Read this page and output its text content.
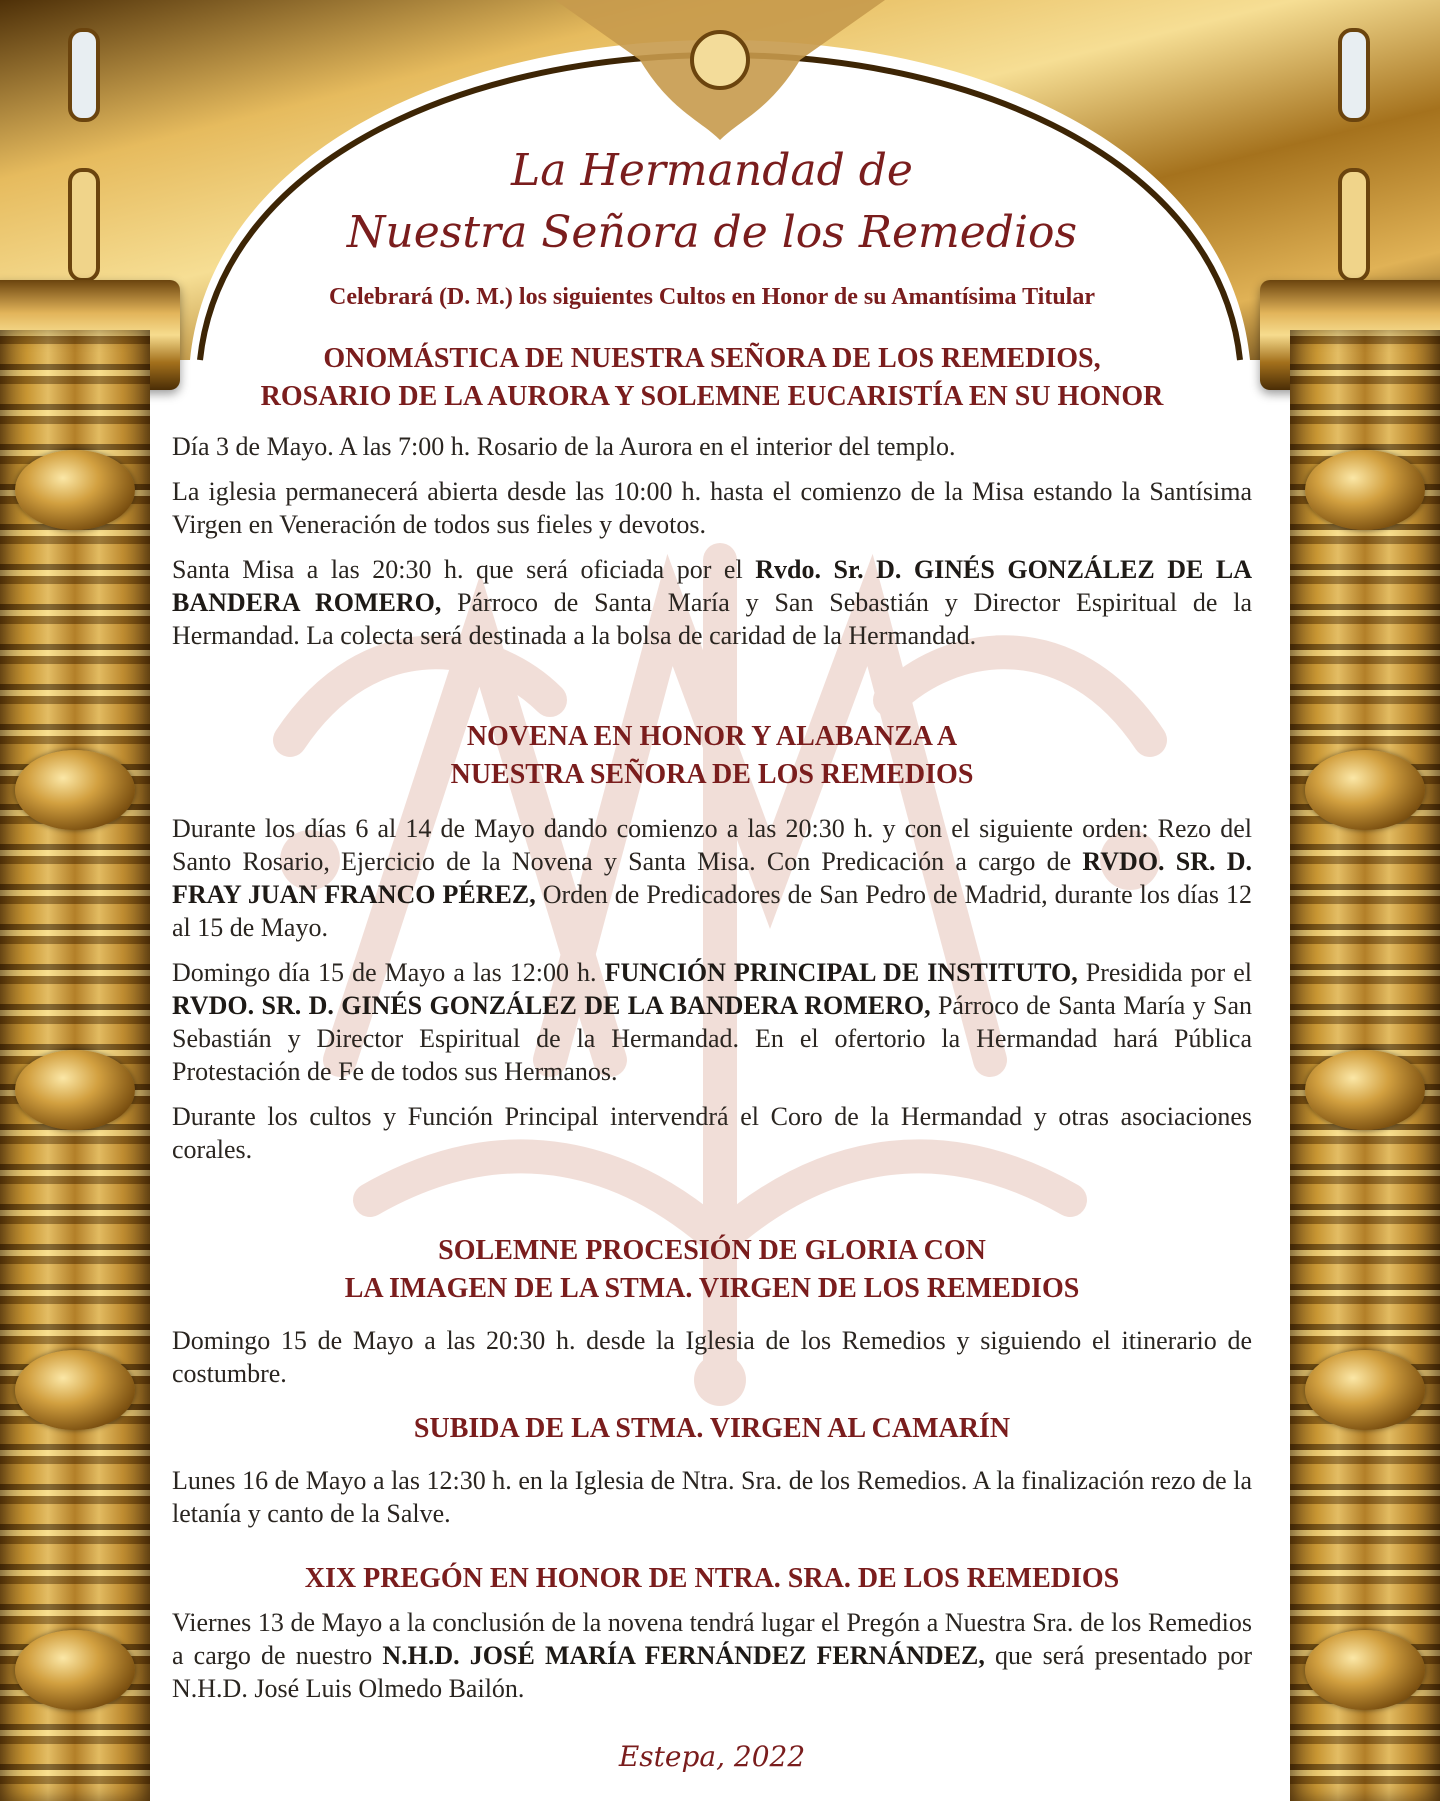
La Hermandad de
Nuestra Señora de los Remedios
Celebrará (D. M.) los siguientes Cultos en Honor de su Amantísima Titular

ONOMÁSTICA DE NUESTRA SEÑORA DE LOS REMEDIOS,
ROSARIO DE LA AURORA Y SOLEMNE EUCARISTÍA EN SU HONOR

Día 3 de Mayo. A las 7:00 h. Rosario de la Aurora en el interior del templo.

La iglesia permanecerá abierta desde las 10:00 h. hasta el comienzo de la Misa estando la Santísima Virgen en Veneración de todos sus fieles y devotos.

Santa Misa a las 20:30 h. que será oficiada por el Rvdo. Sr. D. GINÉS GONZÁLEZ DE LA BANDERA ROMERO, Párroco de Santa María y San Sebastián y Director Espiritual de la Hermandad. La colecta será destinada a la bolsa de caridad de la Hermandad.

NOVENA EN HONOR Y ALABANZA A
NUESTRA SEÑORA DE LOS REMEDIOS

Durante los días 6 al 14 de Mayo dando comienzo a las 20:30 h. y con el siguiente orden: Rezo del Santo Rosario, Ejercicio de la Novena y Santa Misa. Con Predicación a cargo de RVDO. SR. D. FRAY JUAN FRANCO PÉREZ, Orden de Predicadores de San Pedro de Madrid, durante los días 12 al 15 de Mayo.

Domingo día 15 de Mayo a las 12:00 h. FUNCIÓN PRINCIPAL DE INSTITUTO, Presidida por el RVDO. SR. D. GINÉS GONZÁLEZ DE LA BANDERA ROMERO, Párroco de Santa María y San Sebastián y Director Espiritual de la Hermandad. En el ofertorio la Hermandad hará Pública Protestación de Fe de todos sus Hermanos.

Durante los cultos y Función Principal intervendrá el Coro de la Hermandad y otras asociaciones corales.

SOLEMNE PROCESIÓN DE GLORIA CON
LA IMAGEN DE LA STMA. VIRGEN DE LOS REMEDIOS

Domingo 15 de Mayo a las 20:30 h. desde la Iglesia de los Remedios y siguiendo el itinerario de costumbre.

SUBIDA DE LA STMA. VIRGEN AL CAMARÍN

Lunes 16 de Mayo a las 12:30 h. en la Iglesia de Ntra. Sra. de los Remedios. A la finalización rezo de la letanía y canto de la Salve.

XIX PREGÓN EN HONOR DE NTRA. SRA. DE LOS REMEDIOS

Viernes 13 de Mayo a la conclusión de la novena tendrá lugar el Pregón a Nuestra Sra. de los Remedios a cargo de nuestro N.H.D. JOSÉ MARÍA FERNÁNDEZ FERNÁNDEZ, que será presentado por N.H.D. José Luis Olmedo Bailón.

Estepa, 2022
